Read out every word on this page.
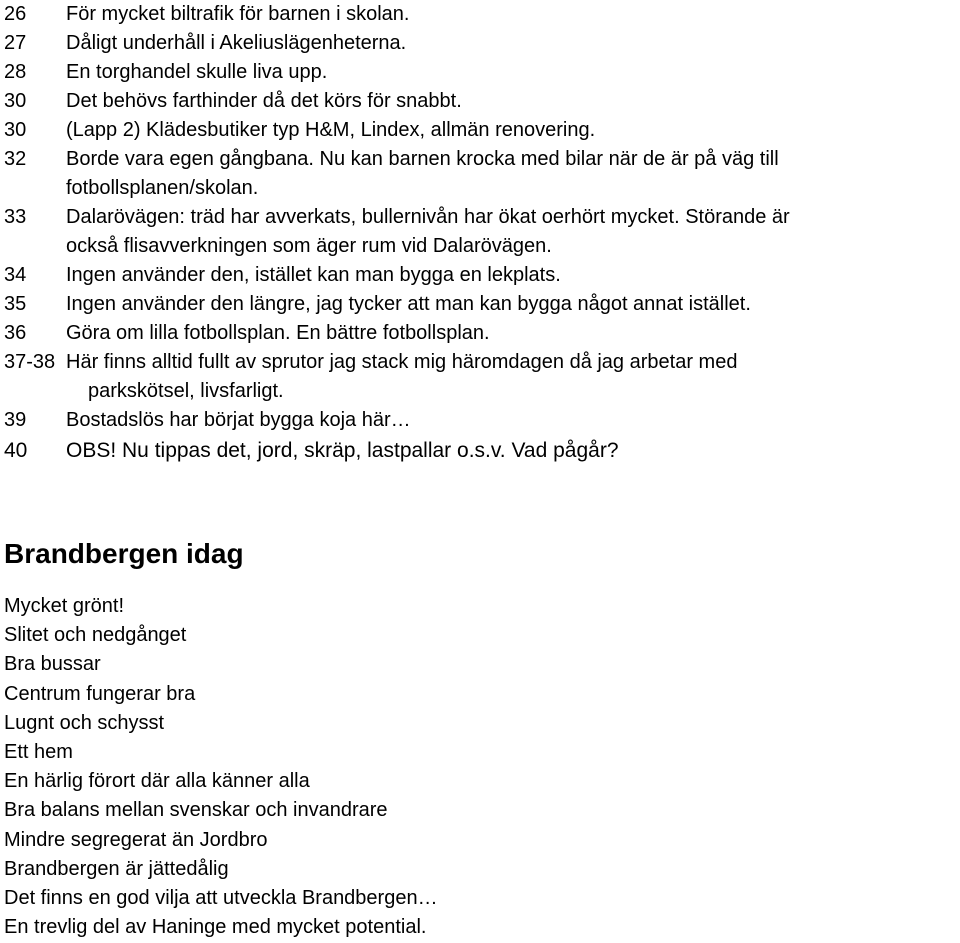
26 För mycket biltrafik för barnen i skolan.
27 Dåligt underhåll i Akeliuslägenheterna.
28 En torghandel skulle liva upp.
30 Det behövs farthinder då det körs för snabbt.
30 (Lapp 2) Klädesbutiker typ H&M, Lindex, allmän renovering.
32 Borde vara egen gångbana. Nu kan barnen krocka med bilar när de är på väg till
fotbollsplanen/skolan.
33 Dalarövägen: träd har avverkats, bullernivån har ökat oerhört mycket. Störande är
också flisavverkningen som äger rum vid Dalarövägen.
34 Ingen använder den, istället kan man bygga en lekplats.
35 Ingen använder den längre, jag tycker att man kan bygga något annat istället.
36 Göra om lilla fotbollsplan. En bättre fotbollsplan.
37-38 Här finns alltid fullt av sprutor jag stack mig häromdagen då jag arbetar med
parkskötsel, livsfarligt.
39 Bostadslös har börjat bygga koja här…
40 OBS! Nu tippas det, jord, skräp, lastpallar o.s.v. Vad pågår?
Brandbergen idag
Mycket grönt!
Slitet och nedgånget
Bra bussar
Centrum fungerar bra
Lugnt och schysst
Ett hem
En härlig förort där alla känner alla
Bra balans mellan svenskar och invandrare
Mindre segregerat än Jordbro
Brandbergen är jättedålig
Det finns en god vilja att utveckla Brandbergen…
En trevlig del av Haninge med mycket potential.
